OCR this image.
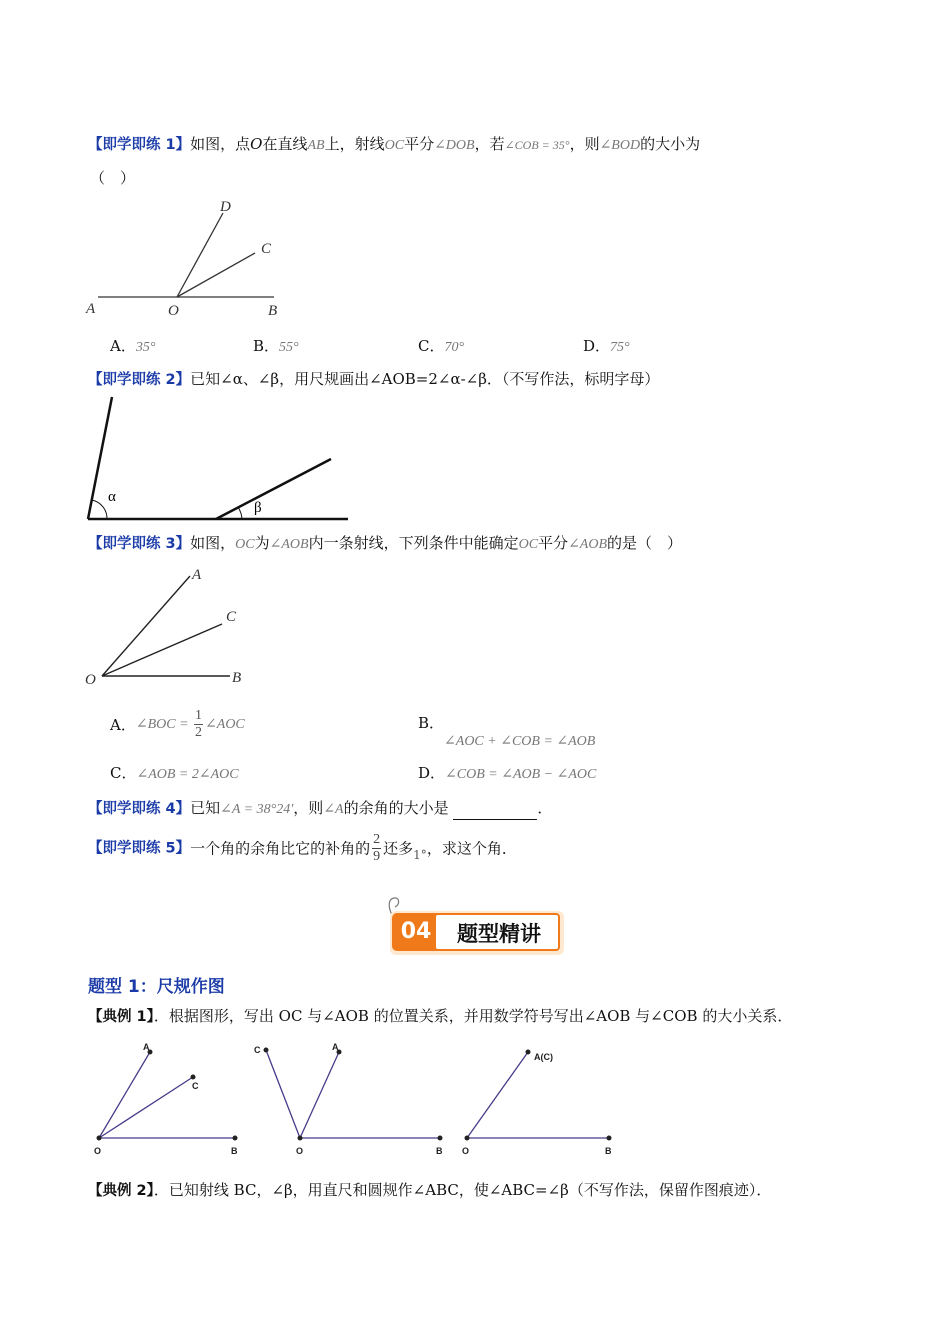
【即学即练 1】如图，点O在直线AB上，射线OC平分∠DOB，若∠COB = 35°，则∠BOD的大小为
（　）
D
C
A	O	B
A．35°	B．55°	C．70°	D．75°
【即学即练 2】已知∠α、∠β，用尺规画出∠AOB=2∠α-∠β．（不写作法，标明字母）
α
β
【即学即练 3】如图，OC为∠AOB内一条射线，下列条件中能确定OC平分∠AOB的是（　）
A
C
O	B
A．∠BOC = $\frac{1}{2}$ ∠AOC	B．∠AOC + ∠COB = ∠AOB
C．∠AOB = 2∠AOC	D．∠COB = ∠AOB − ∠AOC
【即学即练 4】已知∠A = 38°24′，则∠A的余角的大小是	．
【即学即练 5】一个角的余角比它的补角的 $\frac{2}{9}$ 还多$_{1^\circ}$，求这个角．
04	题型精讲
题型 1：尺规作图
【典例 1】．根据图形，写出 OC 与∠AOB 的位置关系，并用数学符号写出∠AOB 与∠COB 的大小关系．
A
C
O	B
C	A
O	B
A(C)
O	B
【典例 2】．已知射线 BC，∠β，用直尺和圆规作∠ABC，使∠ABC=∠β（不写作法，保留作图痕迹）．
